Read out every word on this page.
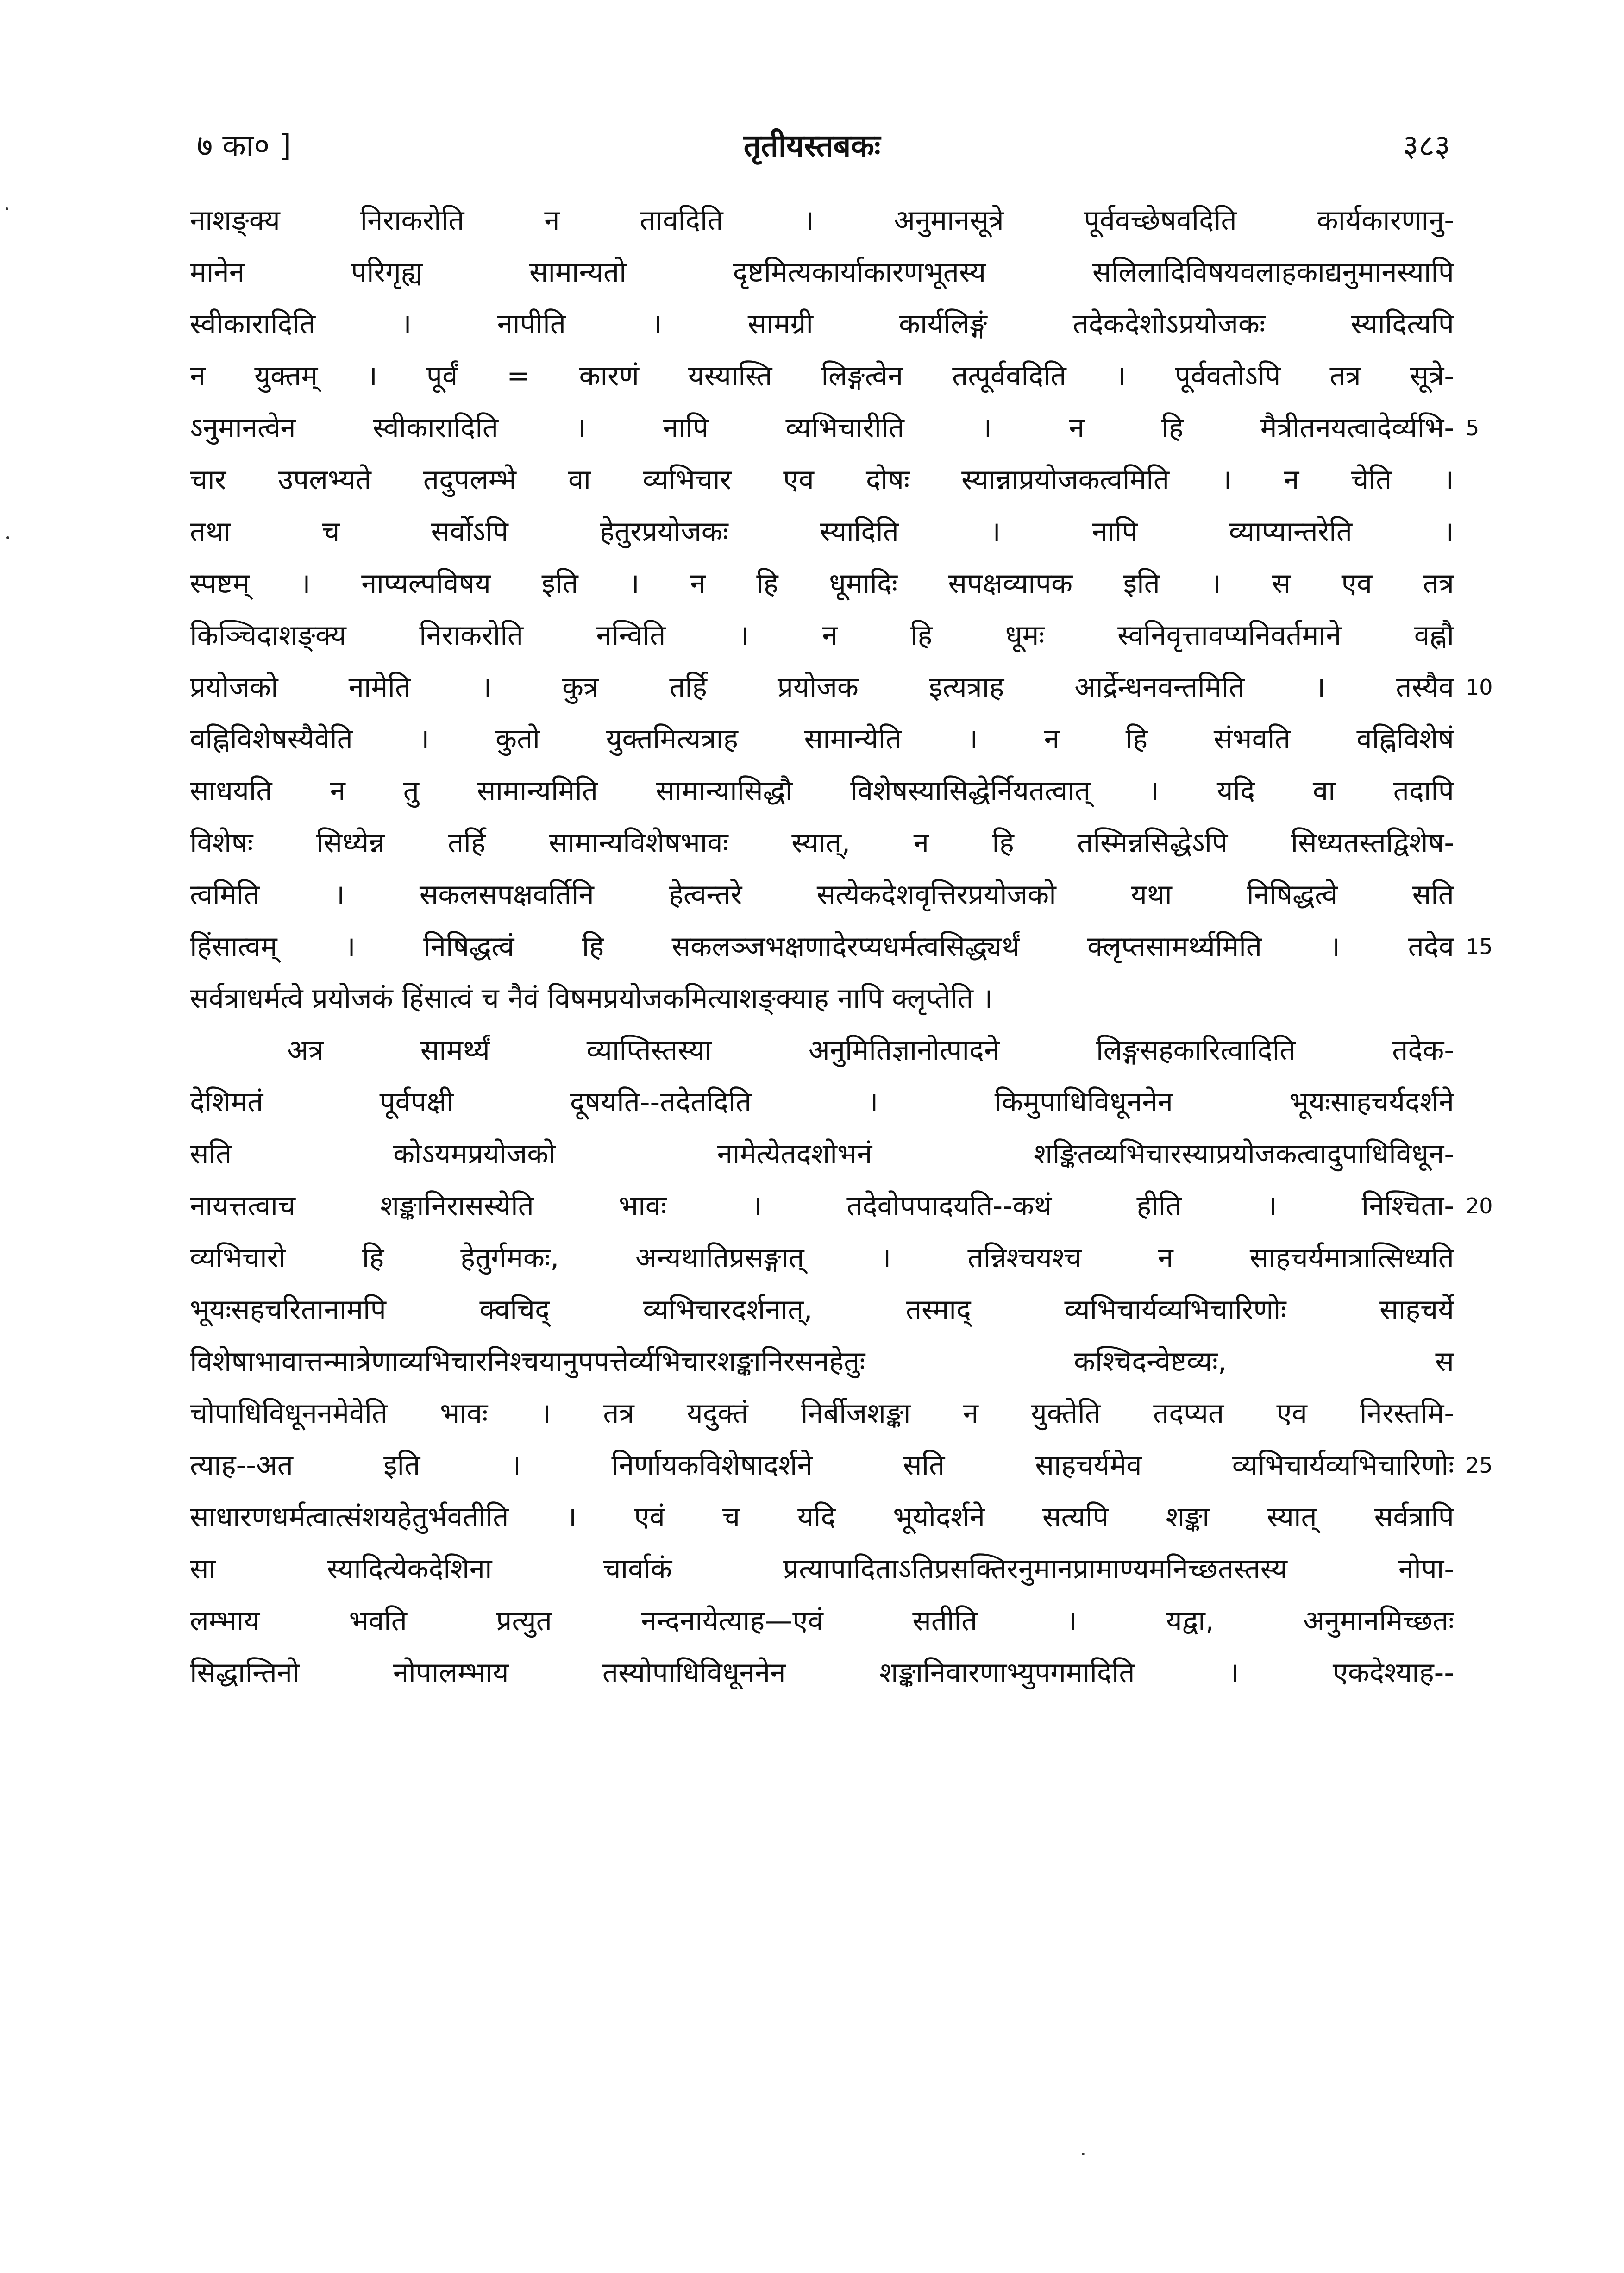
७ का० ]	तृतीयस्तबकः	३८३
नाशङ्क्य निराकरोति न तावदिति । अनुमानसूत्रे पूर्ववच्छेषवदिति कार्यकारणानु-
मानेन परिगृह्य सामान्यतो दृष्टमित्यकार्याकारणभूतस्य सलिलादिविषयवलाहकाद्यनुमानस्यापि
स्वीकारादिति । नापीति । सामग्री कार्यलिङ्गं तदेकदेशोऽप्रयोजकः स्यादित्यपि
न युक्तम् । पूर्वं = कारणं यस्यास्ति लिङ्गत्वेन तत्पूर्ववदिति । पूर्ववतोऽपि तत्र सूत्रे-
ऽनुमानत्वेन स्वीकारादिति । नापि व्यभिचारीति । न हि मैत्रीतनयत्वादेर्व्यभि-
चार उपलभ्यते तदुपलम्भे वा व्यभिचार एव दोषः स्यान्नाप्रयोजकत्वमिति । न चेति ।
तथा च सर्वोऽपि हेतुरप्रयोजकः स्यादिति । नापि व्याप्यान्तरेति ।
स्पष्टम् । नाप्यल्पविषय इति । न हि धूमादिः सपक्षव्यापक इति । स एव तत्र
किञ्चिदाशङ्क्य निराकरोति नन्विति । न हि धूमः स्वनिवृत्तावप्यनिवर्तमाने वह्नौ
प्रयोजको नामेति । कुत्र तर्हि प्रयोजक इत्यत्राह आर्द्रेन्धनवन्तमिति । तस्यैव
वह्निविशेषस्यैवेति । कुतो युक्तमित्यत्राह सामान्येति । न हि संभवति वह्निविशेषं
साधयति न तु सामान्यमिति सामान्यासिद्धौ विशेषस्यासिद्धेर्नियतत्वात् । यदि वा तदापि
विशेषः सिध्येन्न तर्हि सामान्यविशेषभावः स्यात्, न हि तस्मिन्नसिद्धेऽपि सिध्यतस्तद्विशेष-
त्वमिति । सकलसपक्षवर्तिनि हेत्वन्तरे सत्येकदेशवृत्तिरप्रयोजको यथा निषिद्धत्वे सति
हिंसात्वम् । निषिद्धत्वं हि सकलञ्जभक्षणादेरप्यधर्मत्वसिद्ध्यर्थं क्लृप्तसामर्थ्यमिति । तदेव
सर्वत्राधर्मत्वे प्रयोजकं हिंसात्वं च नैवं विषमप्रयोजकमित्याशङ्क्याह नापि क्लृप्तेति ।
अत्र सामर्थ्यं व्याप्तिस्तस्या अनुमितिज्ञानोत्पादने लिङ्गसहकारित्वादिति तदेक-
देशिमतं पूर्वपक्षी दूषयति--तदेतदिति । किमुपाधिविधूननेन भूयःसाहचर्यदर्शने
सति कोऽयमप्रयोजको नामेत्येतदशोभनं शङ्कितव्यभिचारस्याप्रयोजकत्वादुपाधिविधून-
नायत्तत्वाच शङ्कानिरासस्येति भावः । तदेवोपपादयति--कथं हीति । निश्चिता-
व्यभिचारो हि हेतुर्गमकः, अन्यथातिप्रसङ्गात् । तन्निश्चयश्च न साहचर्यमात्रात्सिध्यति
भूयःसहचरितानामपि क्वचिद् व्यभिचारदर्शनात्, तस्माद् व्यभिचार्यव्यभिचारिणोः साहचर्ये
विशेषाभावात्तन्मात्रेणाव्यभिचारनिश्चयानुपपत्तेर्व्यभिचारशङ्कानिरसनहेतुः कश्चिदन्वेष्टव्यः, स
चोपाधिविधूननमेवेति भावः । तत्र यदुक्तं निर्बीजशङ्का न युक्तेति तदप्यत एव निरस्तमि-
त्याह--अत इति । निर्णायकविशेषादर्शने सति साहचर्यमेव व्यभिचार्यव्यभिचारिणोः
साधारणधर्मत्वात्संशयहेतुर्भवतीति । एवं च यदि भूयोदर्शने सत्यपि शङ्का स्यात् सर्वत्रापि
सा स्यादित्येकदेशिना चार्वाकं प्रत्यापादिताऽतिप्रसक्तिरनुमानप्रामाण्यमनिच्छतस्तस्य नोपा-
लम्भाय भवति प्रत्युत नन्दनायेत्याह—एवं सतीति । यद्वा, अनुमानमिच्छतः
सिद्धान्तिनो नोपालम्भाय तस्योपाधिविधूननेन शङ्कानिवारणाभ्युपगमादिति । एकदेश्याह--
5
10
15
20
25
